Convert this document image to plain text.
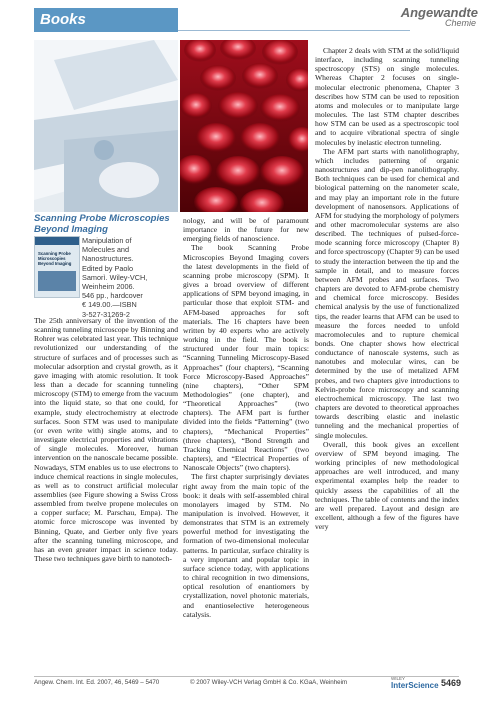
Books	Angewandte
Chemie
Scanning Probe Microscopies Beyond Imaging
Scanning Probe Microscopies Beyond Imaging
Manipulation of
Molecules and
Nanostructures.
Edited by Paolo
Samorì. Wiley-VCH,
Weinheim 2006.
546 pp., hardcover
€ 149.00.—ISBN
3-527-31269-2

The 25th anniversary of the invention of the scanning tunneling microscope by Binning and Rohrer was celebrated last year. This technique revolutionized our understanding of the structure of surfaces and of processes such as molecular adsorption and crystal growth, as it gave imaging with atomic resolution. It took less than a decade for scanning tunneling microscopy (STM) to emerge from the vacuum into the liquid state, so that one could, for example, study electrochemistry at electrode surfaces. Soon STM was used to manipulate (or even write with) single atoms, and to investigate electrical properties and vibrations of single molecules. Moreover, human intervention on the nanoscale became possible. Nowadays, STM enables us to use electrons to induce chemical reactions in single molecules, as well as to construct artificial molecular assemblies (see Figure showing a Swiss Cross assembled from twelve propene molecules on a copper surface; M. Parschau, Empa). The atomic force microscope was invented by Binning, Quate, and Gerber only five years after the scanning tuneling microscope, and has an even greater impact in science today. These two techniques gave birth to nanotech-

nology, and will be of paramount importance in the future for new emerging fields of nanoscience.

The book Scanning Probe Microscopies Beyond Imaging covers the latest developments in the field of scanning probe microscopy (SPM). It gives a broad overview of different applications of SPM beyond imaging, in particular those that exploit STM- and AFM-based approaches for soft materials. The 16 chapters have been written by 40 experts who are actively working in the field. The book is structured under four main topics: “Scanning Tunneling Microscopy-Based Approaches” (four chapters), “Scanning Force Microscopy-Based Approaches” (nine chapters), “Other SPM Methodologies” (one chapter), and “Theoretical Approaches” (two chapters). The AFM part is further divided into the fields “Patterning” (two chapters), “Mechanical Properties” (three chapters), “Bond Strength and Tracking Chemical Reactions” (two chapters), and “Electrical Properties of Nanoscale Objects” (two chapters).

The first chapter surprisingly deviates right away from the main topic of the book: it deals with self-assembled chiral monolayers imaged by STM. No manipulation is involved. However, it demonstrates that STM is an extremely powerful method for investigating the formation of two-dimensional molecular patterns. In particular, surface chirality is a very important and popular topic in surface science today, with applications to chiral recognition in two dimensions, optical resolution of enantiomers by crystallization, novel photonic materials, and enantioselective heterogeneous catalysis.

Chapter 2 deals with STM at the solid/liquid interface, including scanning tunneling spectroscopy (STS) on single molecules. Whereas Chapter 2 focuses on single-molecular electronic phenomena, Chapter 3 describes how STM can be used to reposition atoms and molecules or to manipulate large molecules. The last STM chapter describes how STM can be used as a spectroscopic tool and to acquire vibrational spectra of single molecules by inelastic electron tunneling.

The AFM part starts with nanolithography, which includes patterning of organic nanostructures and dip-pen nanolithography. Both techniques can be used for chemical and biological patterning on the nanometer scale, and may play an important role in the future development of nanosensors. Applications of AFM for studying the morphology of polymers and other macromolecular systems are also described. The techniques of pulsed-force-mode scanning force microscopy (Chapter 8) and force spectroscopy (Chapter 9) can be used to study the interaction between the tip and the sample in detail, and to measure forces between AFM probes and surfaces. Two chapters are devoted to AFM-probe chemistry and chemical force microscopy. Besides chemical analysis by the use of functionalized tips, the reader learns that AFM can be used to measure the forces needed to unfold macromolecules and to rupture chemical bonds. One chapter shows how electrical conductance of nanoscale systems, such as nanotubes and molecular wires, can be determined by the use of metalized AFM probes, and two chapters give introductions to Kelvin-probe force microscopy and scanning electrochemical microscopy. The last two chapters are devoted to theoretical approaches towards describing elastic and inelastic tunneling and the mechanical properties of single molecules.

Overall, this book gives an excellent overview of SPM beyond imaging. The working principles of new methodological approaches are well introduced, and many experimental examples help the reader to quickly assess the capabilities of all the techniques. The table of contents and the index are well prepared. Layout and design are excellent, although a few of the figures have very

Angew. Chem. Int. Ed. 2007, 46, 5469 – 5470	© 2007 Wiley-VCH Verlag GmbH & Co. KGaA, Weinheim
WILEY
InterScience 5469
